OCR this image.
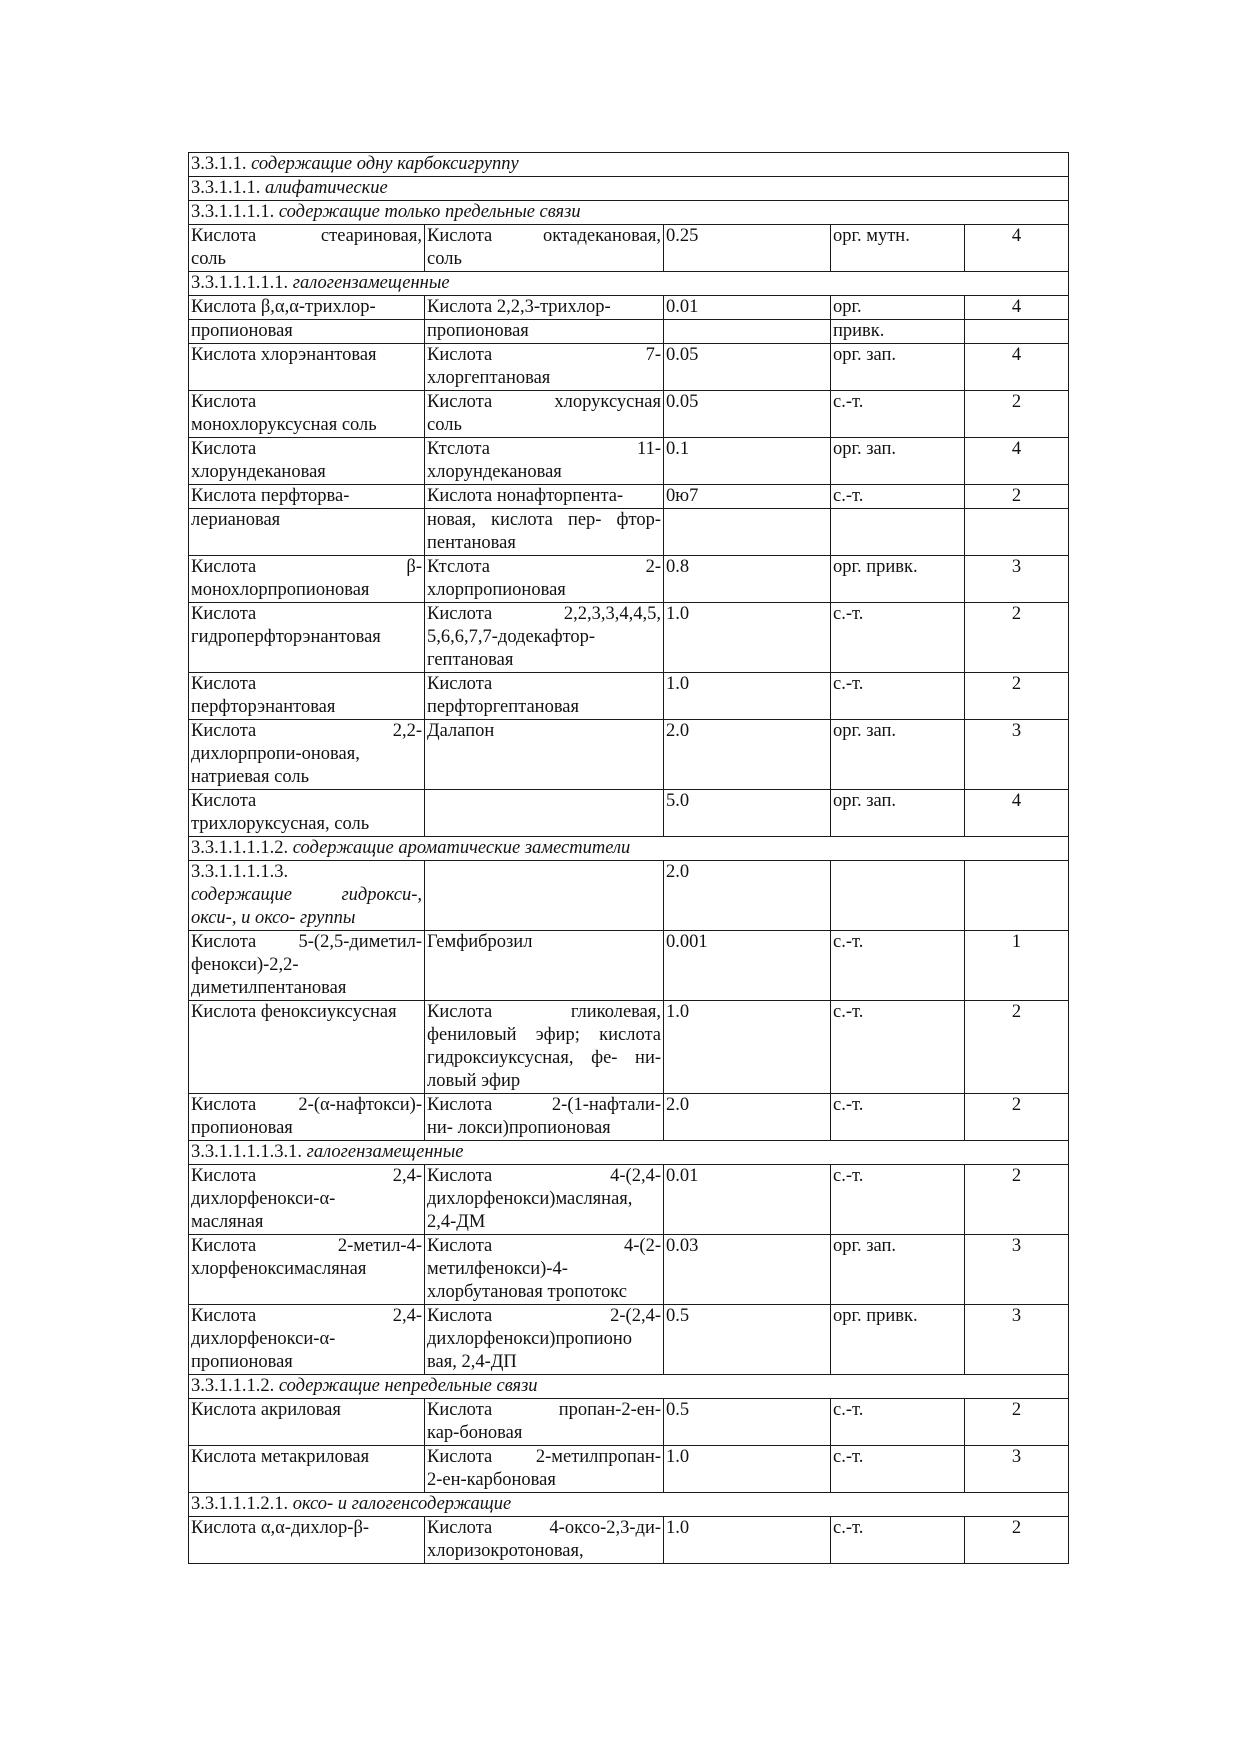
3.3.1.1. содержащие одну карбоксигруппу				
3.3.1.1.1. алифатические				
3.3.1.1.1.1. содержащие только предельные связи				

Кислота стеариновая,
соль	Кислота октадекановая,
соль	0.25	орг. мутн.	4
3.3.1.1.1.1.1. галогензамещенные				

Кислота β,α,α-трихлор-	Кислота 2,2,3-трихлор-	0.01	орг.	4

пропионовая	пропионовая		привк.	

Кислота хлорэнантовая	Кислота 7-
хлоргептановая	0.05	орг. зап.	4

Кислота
монохлоруксусная соль	Кислота хлоруксусная
соль	0.05	с.-т.	2

Кислота
хлорундекановая	Ктслота 11-
хлорундекановая	0.1	орг. зап.	4

Кислота перфторва-	Кислота нонафторпента-	0ю7	с.-т.	2

лериановая	новая, кислота пер- фтор-
пентановая			

Кислота β-
монохлорпропионовая	Ктслота 2-
хлорпропионовая	0.8	орг. привк.	3

Кислота
гидроперфторэнантовая	Кислота 2,2,3,3,4,4,5,
5,6,6,7,7-додекафтор-
гептановая	1.0	с.-т.	2

Кислота
перфторэнантовая	Кислота
перфторгептановая	1.0	с.-т.	2

Кислота 2,2-
дихлорпропи-оновая,
натриевая соль	Далапон	2.0	орг. зап.	3

Кислота
трихлоруксусная, соль		5.0	орг. зап.	4
3.3.1.1.1.1.2. содержащие ароматические заместители				

3.3.1.1.1.1.3.
содержащие гидрокси-,
окси-, и оксо- группы		2.0		

Кислота 5-(2,5-диметил-
фенокси)-2,2-
диметилпентановая	Гемфиброзил	0.001	с.-т.	1

Кислота феноксиуксусная	Кислота гликолевая,
фениловый эфир; кислота
гидроксиуксусная, фе- ни-
ловый эфир	1.0	с.-т.	2

Кислота 2-(α-нафтокси)-
пропионовая	Кислота 2-(1-нафтали-
ни- локси)пропионовая	2.0	с.-т.	2
3.3.1.1.1.1.3.1. галогензамещенные				

Кислота 2,4-
дихлорфенокси-α-
масляная	Кислота 4-(2,4-
дихлорфенокси)масляная,
2,4-ДМ	0.01	с.-т.	2

Кислота 2-метил-4-
хлорфеноксимасляная	Кислота 4-(2-
метилфенокси)-4-
хлорбутановая тропотокс	0.03	орг. зап.	3

Кислота 2,4-
дихлорфенокси-α-
пропионовая	Кислота 2-(2,4-
дихлорфенокси)пропионо
вая, 2,4-ДП	0.5	орг. привк.	3
3.3.1.1.1.2. содержащие непредельные связи				

Кислота акриловая	Кислота пропан-2-ен-
кар-боновая	0.5	с.-т.	2

Кислота метакриловая	Кислота 2-метилпропан-
2-ен-карбоновая	1.0	с.-т.	3
3.3.1.1.1.2.1. оксо- и галогенсодержащие				

Кислота α,α-дихлор-β-	Кислота 4-оксо-2,3-ди-
хлоризокротоновая,	1.0	с.-т.	2
